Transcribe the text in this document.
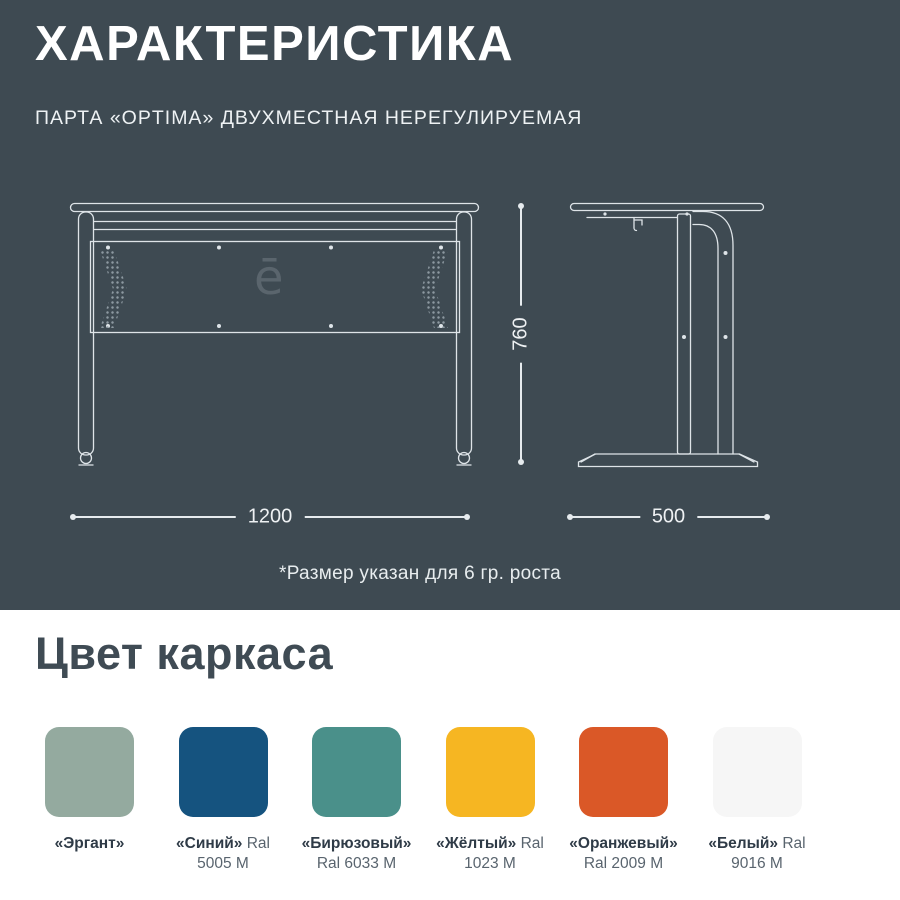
ХАРАКТЕРИСТИКА
ПАРТА «OPTIMA» ДВУХМЕСТНАЯ НЕРЕГУЛИРУЕМАЯ
ē
760
1200	500
*Размер указан для 6 гр. роста
Цвет каркаса
«Эргант»	«Синий» Ral 5005 M
«Бирюзовый» Ral 6033 M
«Жёлтый» Ral 1023 M
«Оранжевый» Ral 2009 M
«Белый» Ral 9016 M
